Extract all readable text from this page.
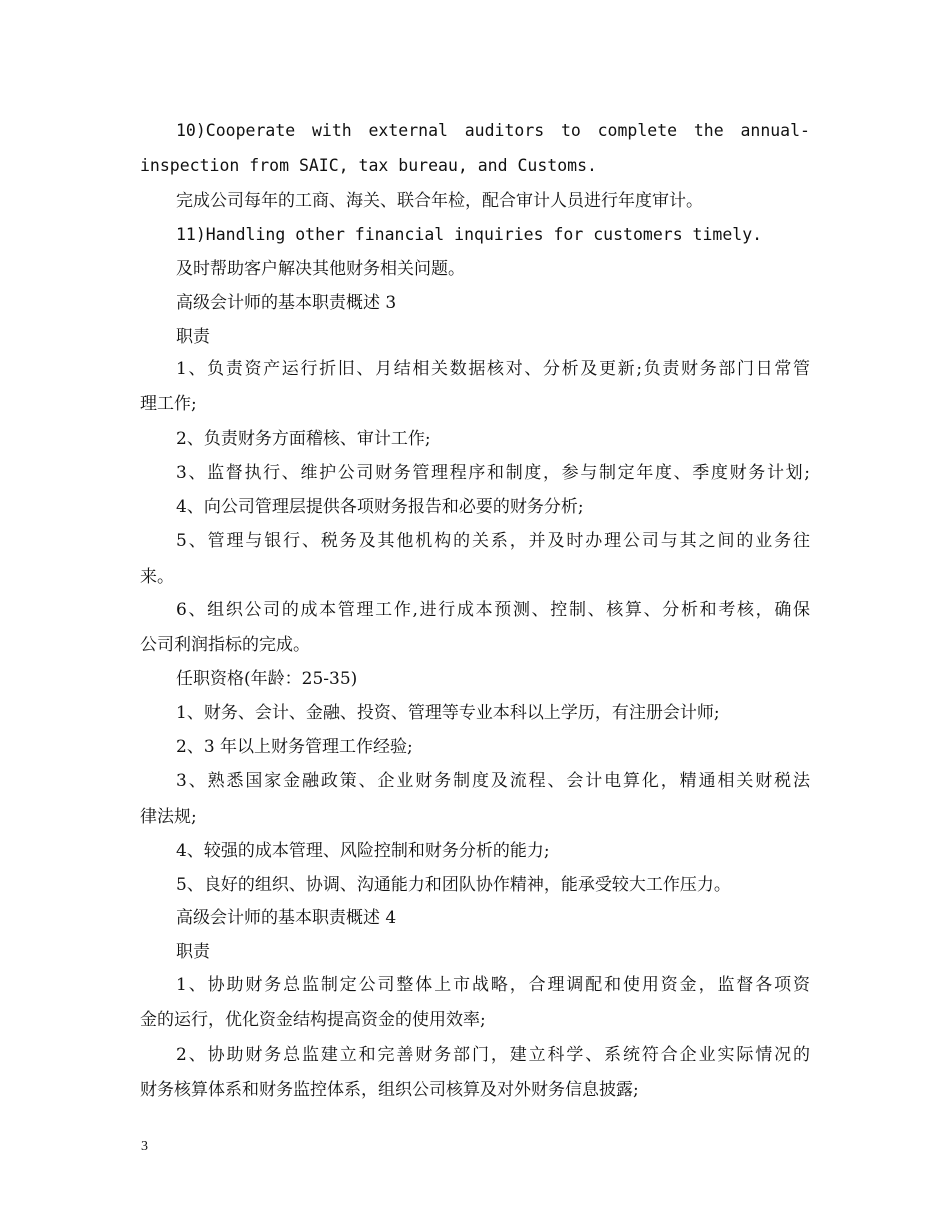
10)Cooperate with external auditors to complete the annual-
inspection from SAIC, tax bureau, and Customs.
完成公司每年的工商、海关、联合年检，配合审计人员进行年度审计。
11)Handling other financial inquiries for customers timely.
及时帮助客户解决其他财务相关问题。
高级会计师的基本职责概述 3
职责
1、负责资产运行折旧、月结相关数据核对、分析及更新;负责财务部门日常管
理工作;
2、负责财务方面稽核、审计工作;
3、监督执行、维护公司财务管理程序和制度，参与制定年度、季度财务计划;
4、向公司管理层提供各项财务报告和必要的财务分析;
5、管理与银行、税务及其他机构的关系，并及时办理公司与其之间的业务往
来。
6、组织公司的成本管理工作,进行成本预测、控制、核算、分析和考核，确保
公司利润指标的完成。
任职资格(年龄：25-35)
1、财务、会计、金融、投资、管理等专业本科以上学历，有注册会计师;
2、3 年以上财务管理工作经验;
3、熟悉国家金融政策、企业财务制度及流程、会计电算化，精通相关财税法
律法规;
4、较强的成本管理、风险控制和财务分析的能力;
5、良好的组织、协调、沟通能力和团队协作精神，能承受较大工作压力。
高级会计师的基本职责概述 4
职责
1、协助财务总监制定公司整体上市战略，合理调配和使用资金，监督各项资
金的运行，优化资金结构提高资金的使用效率;
2、协助财务总监建立和完善财务部门，建立科学、系统符合企业实际情况的
财务核算体系和财务监控体系，组织公司核算及对外财务信息披露;
3
